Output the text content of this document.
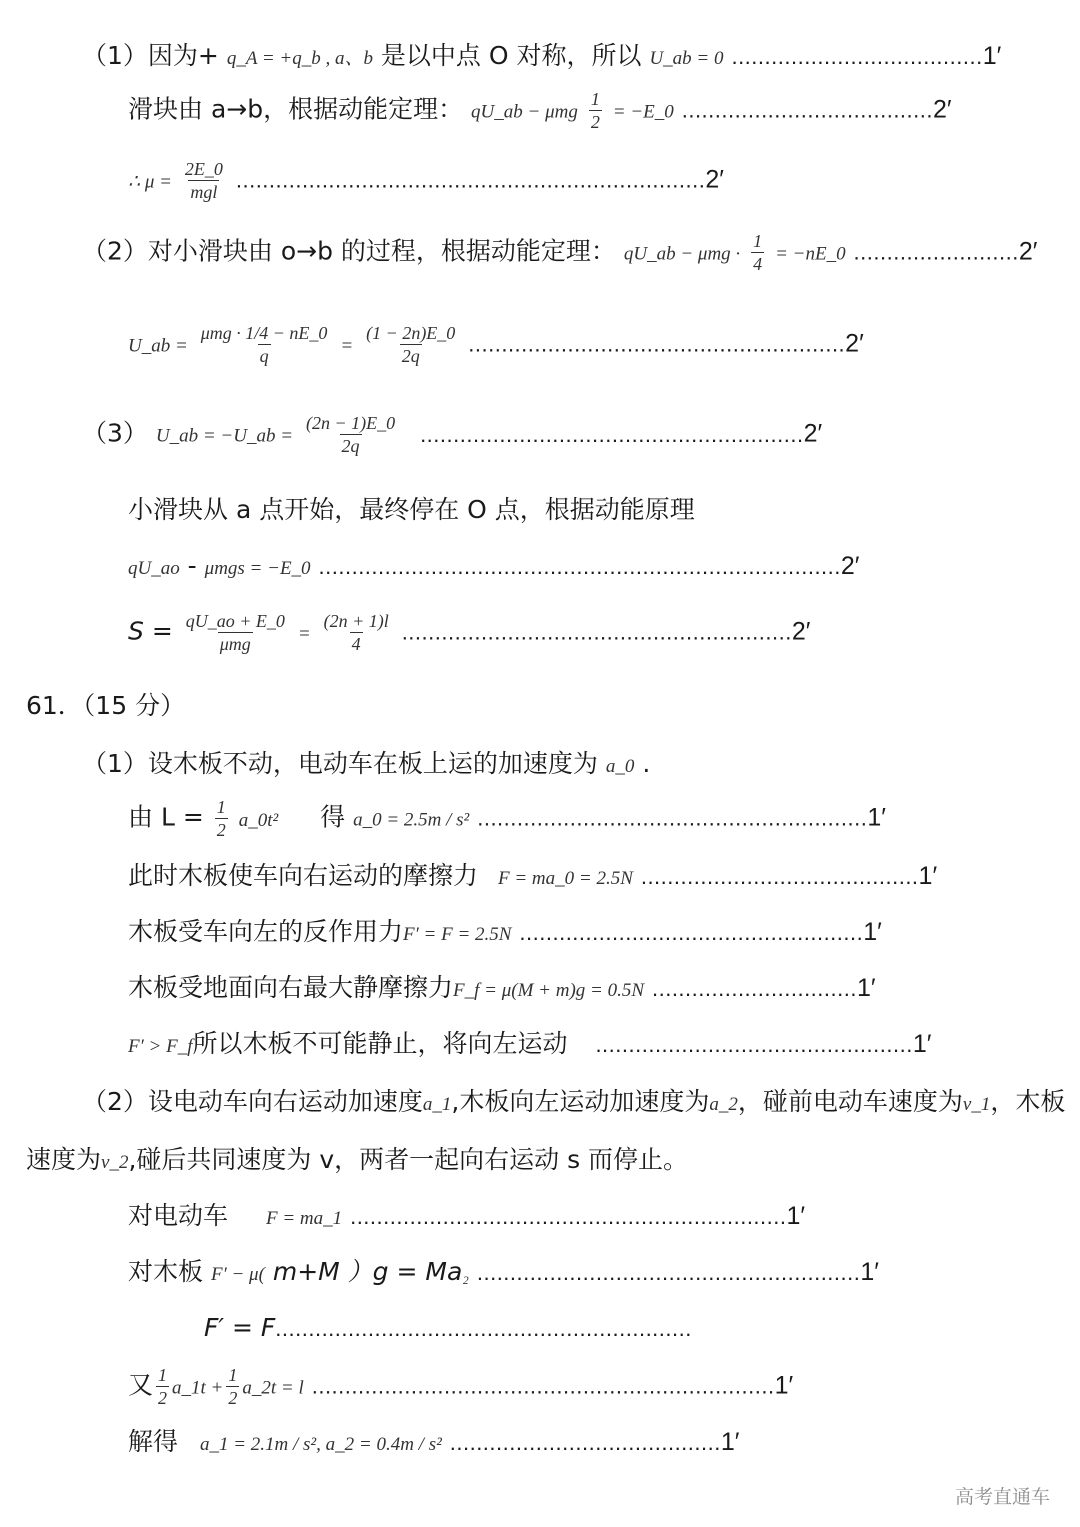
（1）因为+ q_A = +q_b , a、b 是以中点 O 对称，所以 U_ab = 0 ......................................1′
滑块由 a→b，根据动能定理： qU_ab − μmg $\frac{1}{2}$ = −E_0 ......................................2′
∴ $\mu = \frac{2E\_0}{\text{mgl}} .......................................................................2'$
（2）对小滑块由 o→b 的过程，根据动能定理： qU_ab − $\mu mg \cdot \frac{1}{4}$ = −nE_0 .........................2′
U_ab = $\frac{\text{μmg · 1/4 − nE\_0}}{q} = \frac{(1 - 2n)E\_0}{2q} .........................................................2'$
（3） U_ab = −U_ab = $\frac{(2n - 1)E\_0}{2q} ..........................................................2'$
小滑块从 a 点开始，最终停在 O 点，根据动能原理
qU_ao - μmgs = −E_0 ...............................................................................2′
$S = \frac{qU\_ao + E\_0}{\text{μmg}} = \frac{(2n + 1)l}{4} ...........................................................2'$
61．（15 分）
（1）设木板不动，电动车在板上运的加速度为 a_0 .
由 $L = \frac{1}{2}$ a_0t² 得 a_0 = 2.5m / s² ...........................................................1′
此时木板使车向右运动的摩擦力 F = ma_0 = 2.5N ..........................................1′
木板受车向左的反作用力F′ = F = 2.5N ....................................................1′
木板受地面向右最大静摩擦力F_f = μ(M + m)g = 0.5N ...............................1′
F′ > F_f所以木板不可能静止，将向左运动 ................................................1′
（2）设电动车向右运动加速度a_1,木板向左运动加速度为a_2，碰前电动车速度为v_1，木板
速度为v_2,碰后共同速度为 v，两者一起向右运动 s 而停止。
对电动车 F = ma_1 ..................................................................1′
对木板 F′ − μ( m+M ）g = Ma₂ ..........................................................1′
F′ = F...............................................................
又 $\frac{1}{2}$ a_1t + $\frac{1}{2}$ a_2t = l ......................................................................1′
解得 a_1 = 2.1m / s², a_2 = 0.4m / s² .........................................1′
高考直通车
